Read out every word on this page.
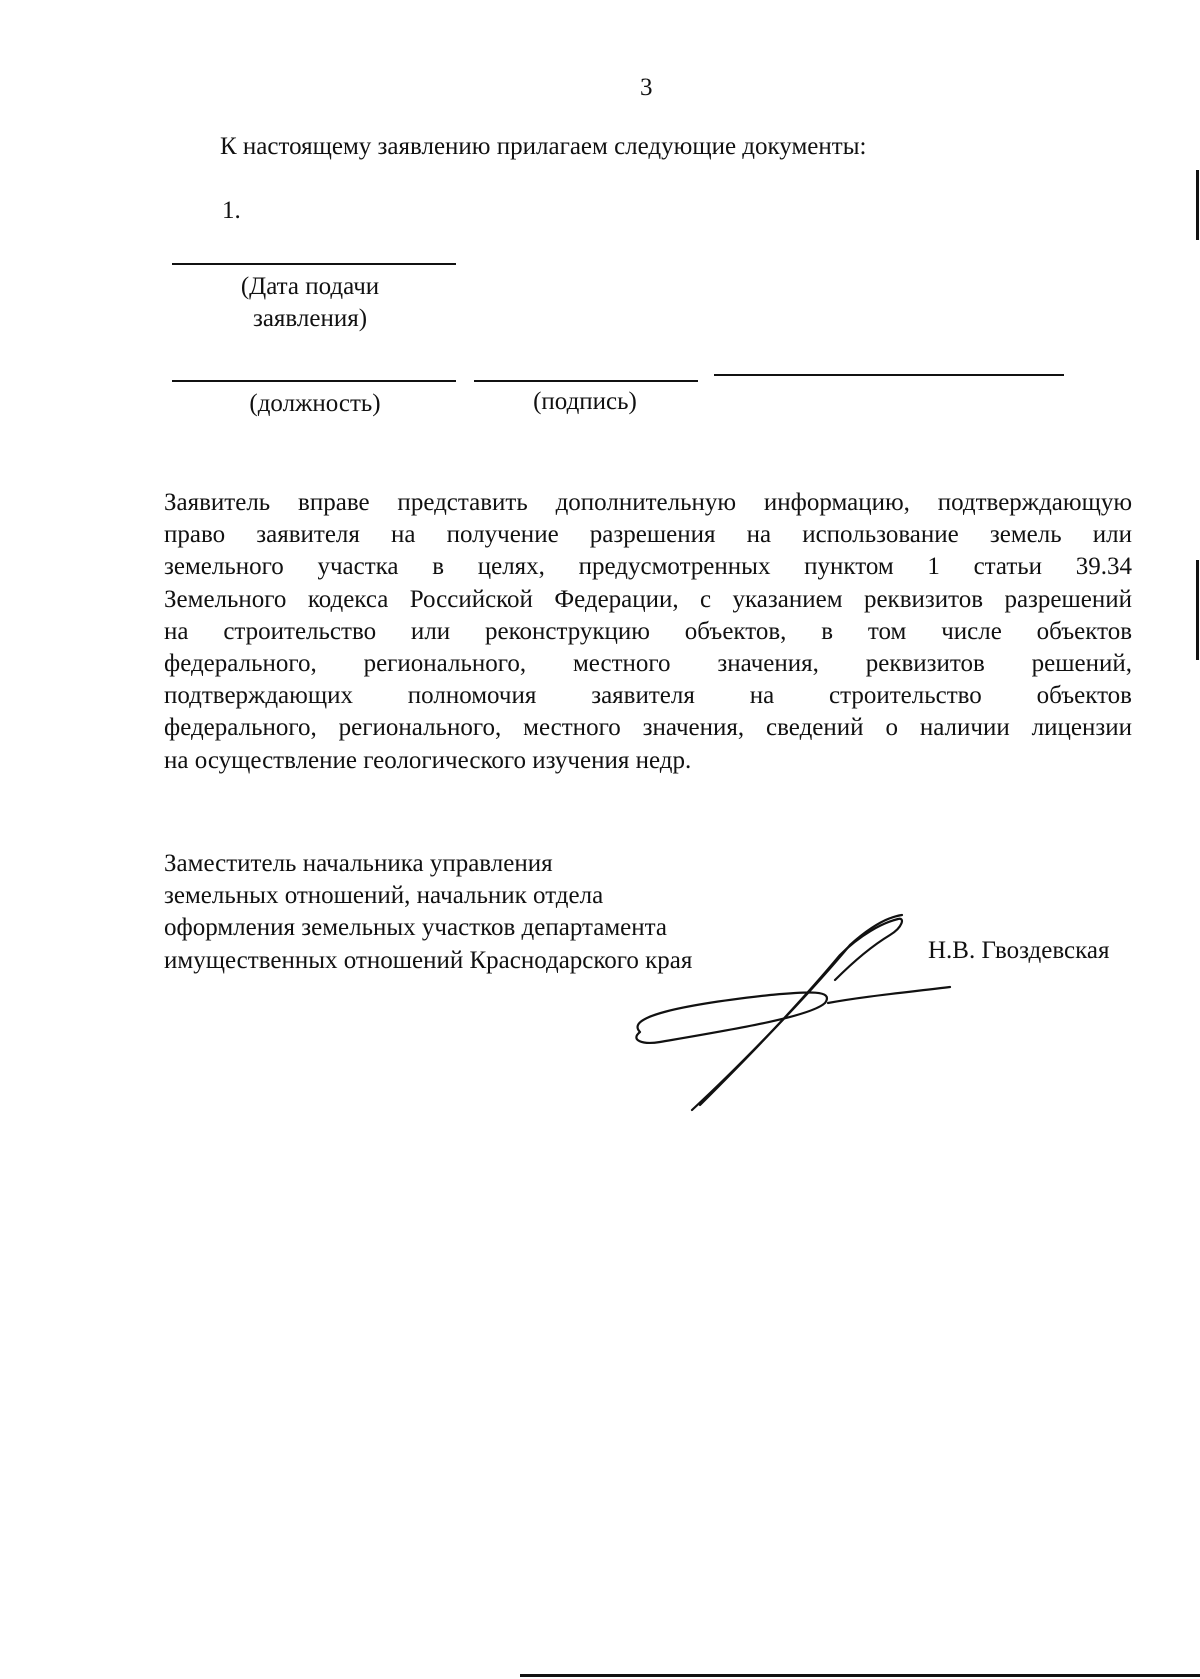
3
К настоящему заявлению прилагаем следующие документы:
1.
(Дата подачи
заявления)
(должность)	(подпись)
Заявитель вправе представить дополнительную информацию, подтверждающую
право заявителя на получение разрешения на использование земель или
земельного участка в целях, предусмотренных пунктом 1 статьи 39.34
Земельного кодекса Российской Федерации, с указанием реквизитов разрешений
на строительство или реконструкцию объектов, в том числе объектов
федерального, регионального, местного значения, реквизитов решений,
подтверждающих полномочия заявителя на строительство объектов
федерального, регионального, местного значения, сведений о наличии лицензии
на осуществление геологического изучения недр.
Заместитель начальника управления
земельных отношений, начальник отдела
оформления земельных участков департамента
имущественных отношений Краснодарского края	Н.В. Гвоздевская
